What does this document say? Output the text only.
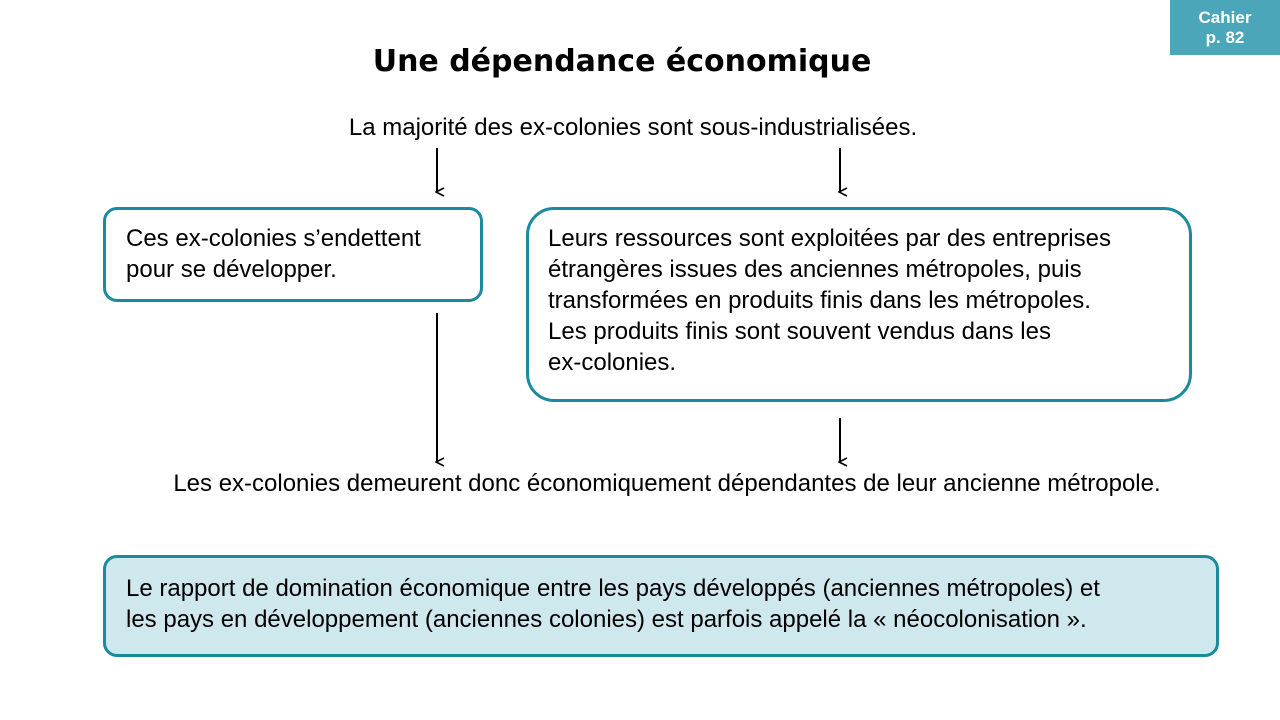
Cahier
p. 82
Une dépendance économique
La majorité des ex-colonies sont sous-industrialisées.
Ces ex-colonies s’endettent
pour se développer.
Leurs ressources sont exploitées par des entreprises
étrangères issues des anciennes métropoles, puis
transformées en produits finis dans les métropoles.
Les produits finis sont souvent vendus dans les
ex-colonies.
Les ex-colonies demeurent donc économiquement dépendantes de leur ancienne métropole.
Le rapport de domination économique entre les pays développés (anciennes métropoles) et
les pays en développement (anciennes colonies) est parfois appelé la « néocolonisation ».
